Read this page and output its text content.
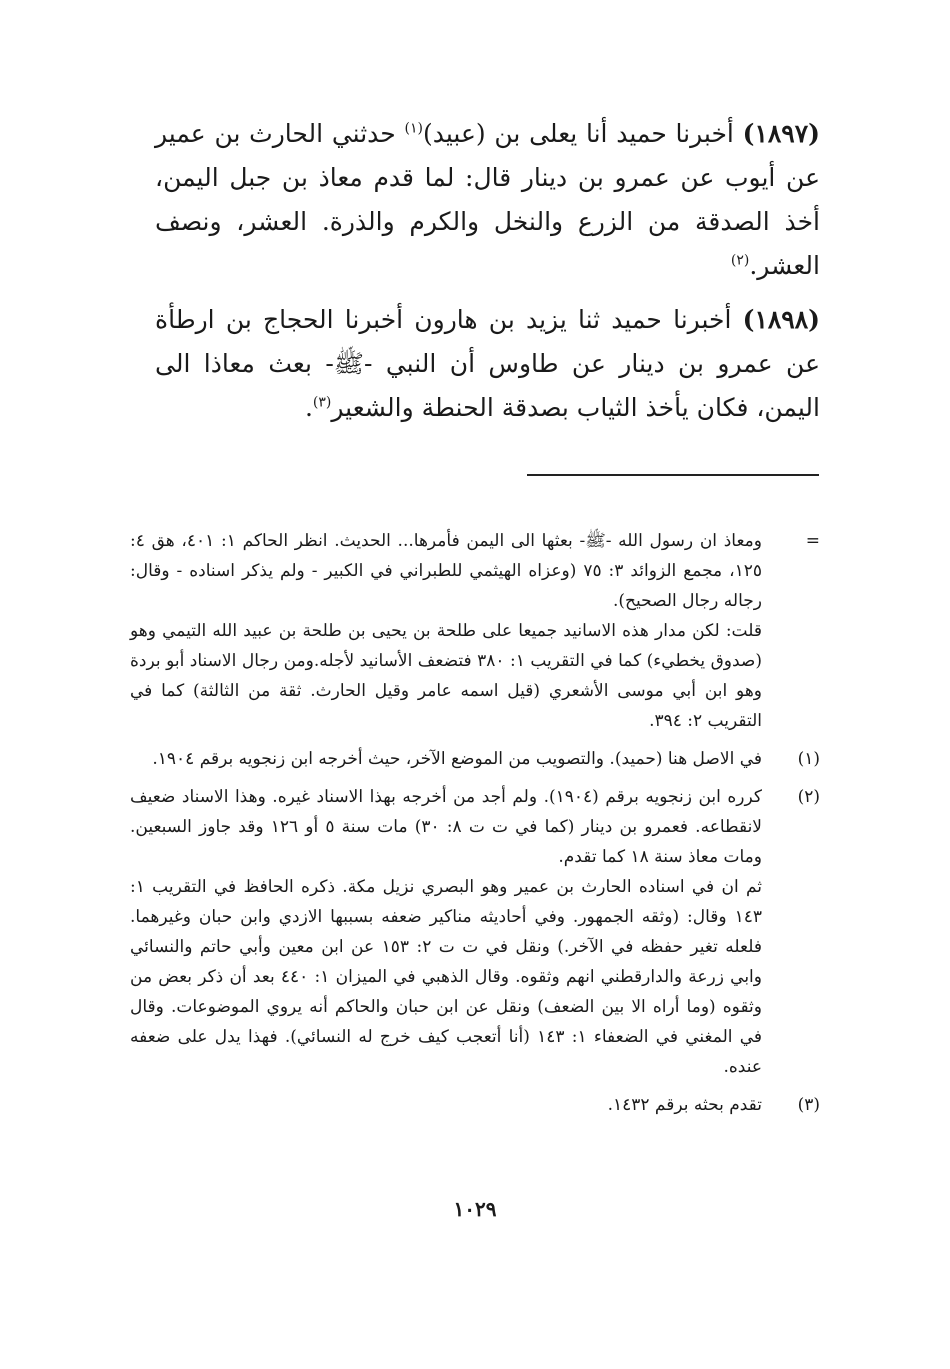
(١٨٩٧) أخبرنا حميد أنا يعلى بن (عبيد)$^{(١)}$ حدثني الحارث بن عمير عن أيوب عن عمرو بن دينار قال: لما قدم معاذ بن جبل اليمن، أخذ الصدقة من الزرع والنخل والكرم والذرة. العشر، ونصف العشر.$^{(٢)}$
(١٨٩٨) أخبرنا حميد ثنا يزيد بن هارون أخبرنا الحجاج بن ارطأة عن عمرو بن دينار عن طاوس أن النبي -ﷺ- بعث معاذا الى اليمن، فكان يأخذ الثياب بصدقة الحنطة والشعير$^{(٣)}$.
=

ومعاذ ان رسول الله -ﷺ- بعثها الى اليمن فأمرها... الحديث. انظر الحاكم ١: ٤٠١، هق ٤: ١٢٥، مجمع الزوائد ٣: ٧٥ (وعزاه الهيثمي للطبراني في الكبير - ولم يذكر اسناده - وقال: رجاله رجال الصحيح).

قلت: لكن مدار هذه الاسانيد جميعا على طلحة بن يحيى بن طلحة بن عبيد الله التيمي وهو (صدوق يخطيء) كما في التقريب ١: ٣٨٠ فتضعف الأسانيد لأجله.ومن رجال الاسناد أبو بردة وهو ابن أبي موسى الأشعري (قيل اسمه عامر وقيل الحارث. ثقة من الثالثة) كما في التقريب ٢: ٣٩٤.

(١)

في الاصل هنا (حميد). والتصويب من الموضع الآخر، حيث أخرجه ابن زنجويه برقم ١٩٠٤.

(٢)

كرره ابن زنجويه برقم (١٩٠٤). ولم أجد من أخرجه بهذا الاسناد غيره. وهذا الاسناد ضعيف لانقطاعه. فعمرو بن دينار (كما في ت ت ٨: ٣٠) مات سنة ٥ أو ١٢٦ وقد جاوز السبعين. ومات معاذ سنة ١٨ كما تقدم.

ثم ان في اسناده الحارث بن عمير وهو البصري نزيل مكة. ذكره الحافظ في التقريب ١: ١٤٣ وقال: (وثقه الجمهور. وفي أحاديثه مناكير ضعفه بسببها الازدي وابن حبان وغيرهما. فلعله تغير حفظه في الآخر.) ونقل في ت ت ٢: ١٥٣ عن ابن معين وأبي حاتم والنسائي وابي زرعة والدارقطني انهم وثقوه. وقال الذهبي في الميزان ١: ٤٤٠ بعد أن ذكر بعض من وثقوه (وما أراه الا بين الضعف) ونقل عن ابن حبان والحاكم أنه يروي الموضوعات. وقال في المغني في الضعفاء ١: ١٤٣ (أنا أتعجب كيف خرج له النسائي). فهذا يدل على ضعفه عنده.

(٣)

تقدم بحثه برقم ١٤٣٢.

١٠٢٩
